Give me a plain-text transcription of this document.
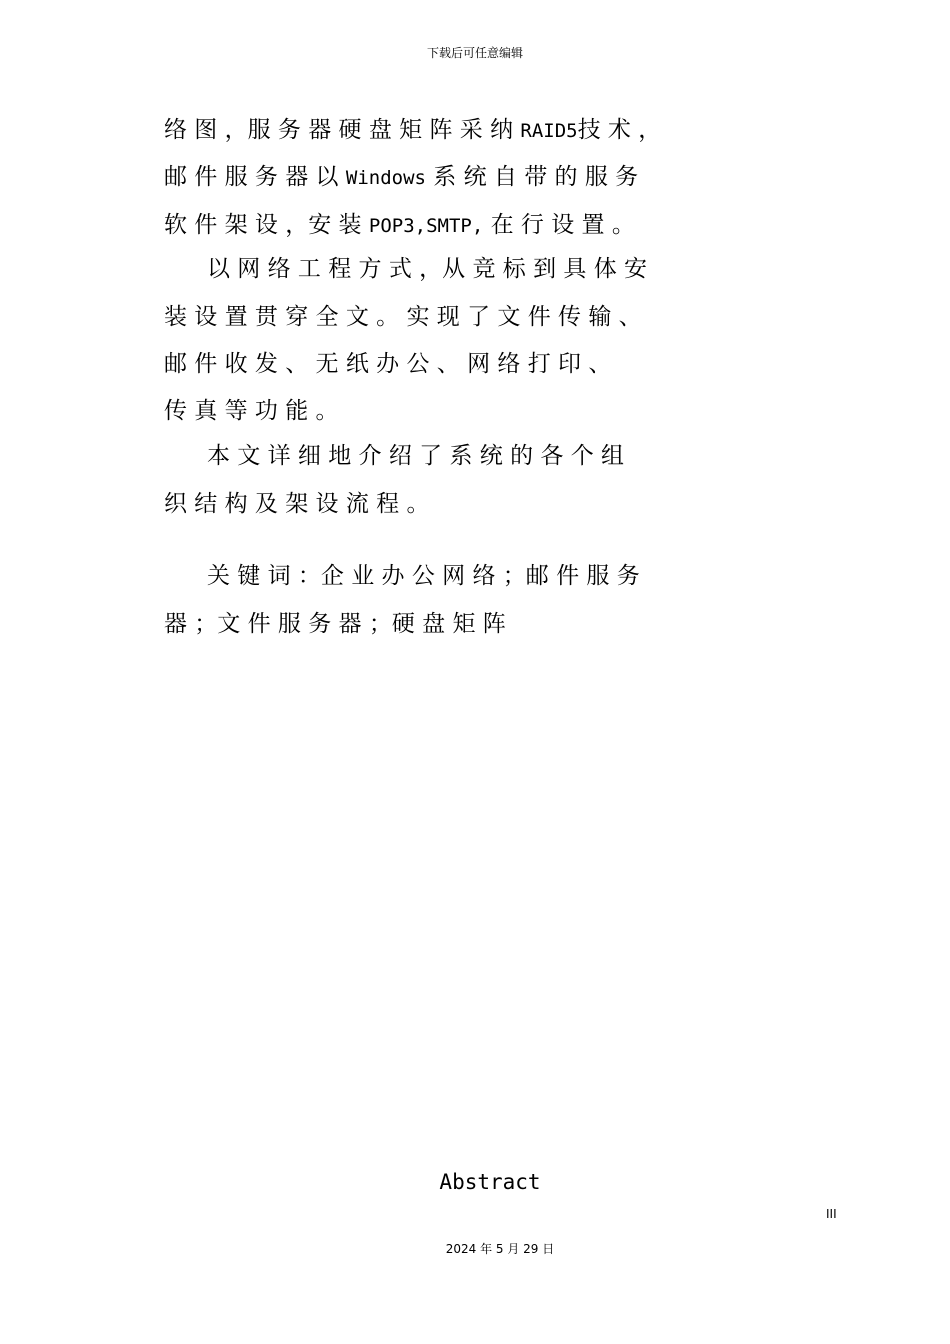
下载后可任意编辑
络 图 ，服 务 器 硬 盘 矩 阵 采 纳 RAID5技 术 ，
邮 件 服 务 器 以 Windows 系 统 自 带 的 服 务
软 件 架 设 ，安 装 POP3,SMTP, 在 行 设 置 。
以 网 络 工 程 方 式 ，从 竞 标 到 具 体 安
装 设 置 贯 穿 全 文 。 实 现 了 文 件 传 输 、
邮 件 收 发 、 无 纸 办 公 、 网 络 打 印 、
传 真 等 功 能 。
本 文 详 细 地 介 绍 了 系 统 的 各 个 组
织 结 构 及 架 设 流 程 。
关 键 词 ：企 业 办 公 网 络 ；邮 件 服 务
器 ；文 件 服 务 器 ；硬 盘 矩 阵
Abstract
III
2024 年 5 月 29 日
